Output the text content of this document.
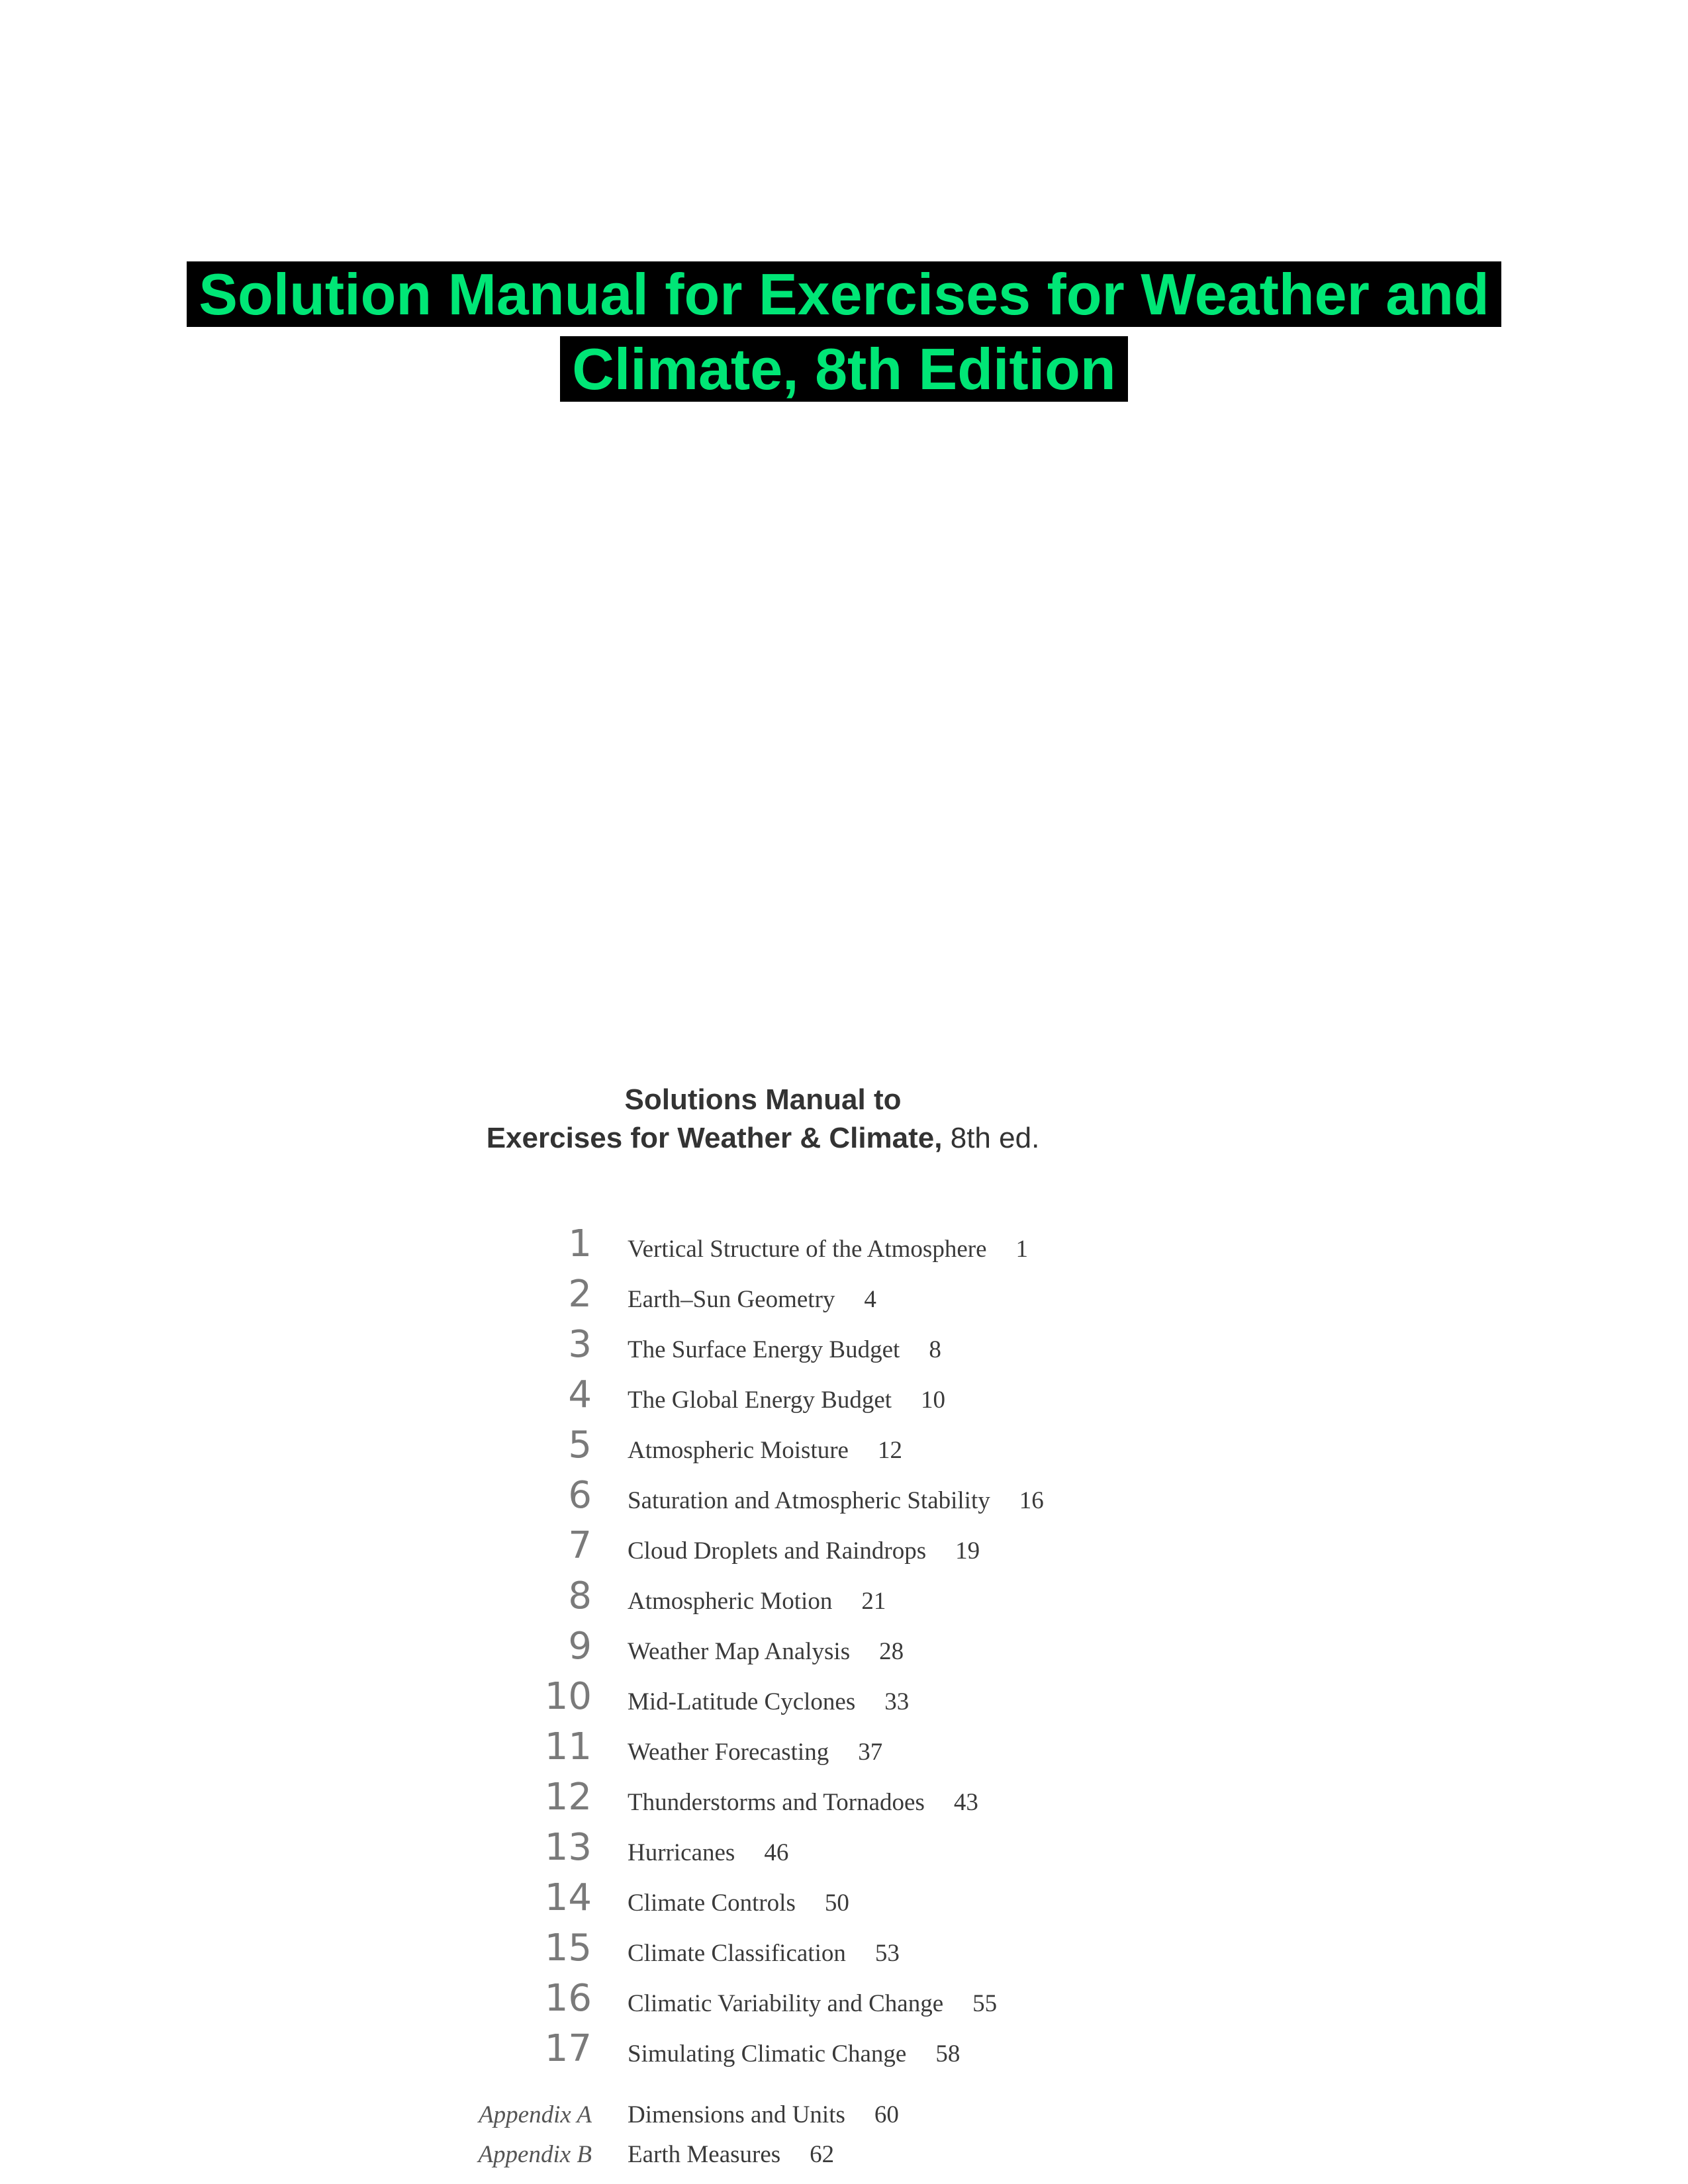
Solution Manual for Exercises for Weather and
Climate, 8th Edition
Solutions Manual to
Exercises for Weather & Climate, 8th ed.
1 Vertical Structure of the Atmosphere 1
2 Earth–Sun Geometry 4
3 The Surface Energy Budget 8
4 The Global Energy Budget 10
5 Atmospheric Moisture 12
6 Saturation and Atmospheric Stability 16
7 Cloud Droplets and Raindrops 19
8 Atmospheric Motion 21
9 Weather Map Analysis 28
10 Mid-Latitude Cyclones 33
11 Weather Forecasting 37
12 Thunderstorms and Tornadoes 43
13 Hurricanes 46
14 Climate Controls 50
15 Climate Classification 53
16 Climatic Variability and Change 55
17 Simulating Climatic Change 58
Appendix A Dimensions and Units 60
Appendix B Earth Measures 62
